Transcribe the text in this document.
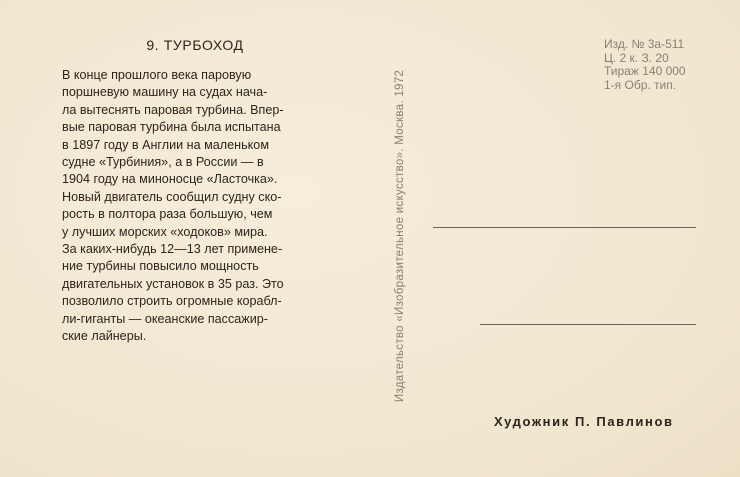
9. ТУРБОХОД

В конце прошлого века паровую

поршневую машину на судах нача-

ла вытеснять паровая турбина. Впер-

вые паровая турбина была испытана

в 1897 году в Англии на маленьком

судне «Турбиния», а в России — в

1904 году на миноносце «Ласточка».

Новый двигатель сообщил судну ско-

рость в полтора раза большую, чем

у лучших морских «ходоков» мира.

За каких-нибудь 12—13 лет примене-

ние турбины повысило мощность

двигательных установок в 35 раз. Это

позволило строить огромные корабл-

ли-гиганты — океанские пассажир-

ские лайнеры.	Издательство «Изобразительное искусство». Москва. 1972
Изд. № 3а-511
Ц. 2 к. З. 20
Тираж 140 000
1-я Обр. тип.
Художник П. Павлинов
